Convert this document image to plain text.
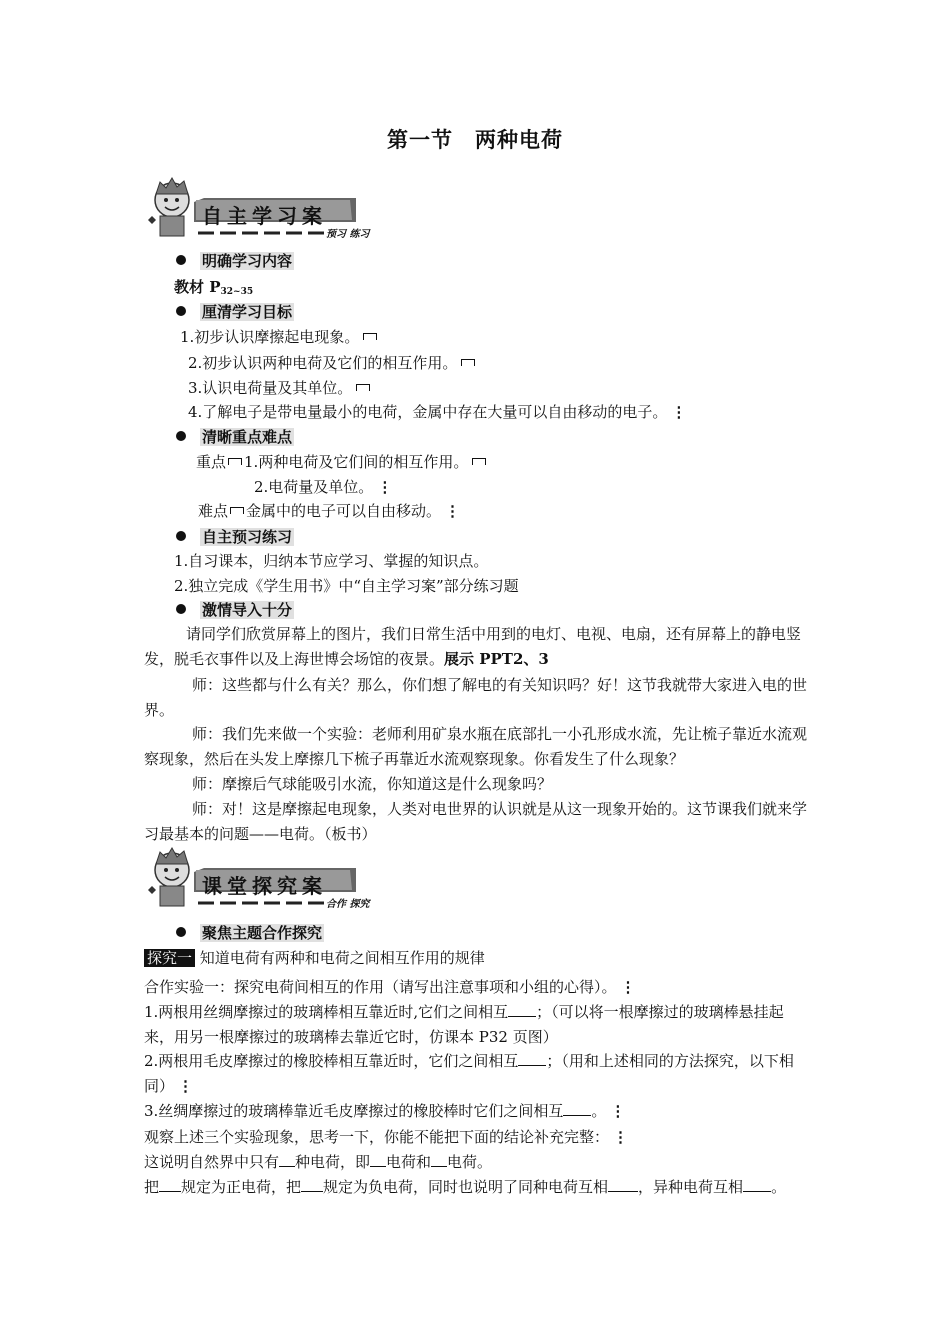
第一节　两种电荷
自主学习案
预习 练习
明确学习内容
教材 P32~35
厘清学习目标
1.初步认识摩擦起电现象。
2.初步认识两种电荷及它们的相互作用。
3.认识电荷量及其单位。
4.了解电子是带电量最小的电荷，金属中存在大量可以自由移动的电子。 ⋮
清晰重点难点
重点 1.两种电荷及它们间的相互作用。
2.电荷量及单位。 ⋮
难点 金属中的电子可以自由移动。 ⋮
自主预习练习
1.自习课本，归纳本节应学习、掌握的知识点。
2.独立完成《学生用书》中“自主学习案”部分练习题
激情导入十分
请同学们欣赏屏幕上的图片，我们日常生活中用到的电灯、电视、电扇，还有屏幕上的静电竖发，脱毛衣事件以及上海世博会场馆的夜景。展示 PPT2、3
师：这些都与什么有关？那么，你们想了解电的有关知识吗？好！这节我就带大家进入电的世界。
师：我们先来做一个实验：老师利用矿泉水瓶在底部扎一小孔形成水流，先让梳子靠近水流观察现象，然后在头发上摩擦几下梳子再靠近水流观察现象。你看发生了什么现象？
师：摩擦后气球能吸引水流，你知道这是什么现象吗？
师：对！这是摩擦起电现象，人类对电世界的认识就是从这一现象开始的。这节课我们就来学习最基本的问题——电荷。（板书）
课堂探究案
合作 探究
聚焦主题合作探究
探究一 知道电荷有两种和电荷之间相互作用的规律
合作实验一：探究电荷间相互的作用（请写出注意事项和小组的心得）。 ⋮
1.两根用丝绸摩擦过的玻璃棒相互靠近时,它们之间相互 ；（可以将一根摩擦过的玻璃棒悬挂起来，用另一根摩擦过的玻璃棒去靠近它时，仿课本 P32 页图）
2.两根用毛皮摩擦过的橡胶棒相互靠近时，它们之间相互 ；（用和上述相同的方法探究，以下相同） ⋮
3.丝绸摩擦过的玻璃棒靠近毛皮摩擦过的橡胶棒时它们之间相互 。 ⋮
观察上述三个实验现象，思考一下，你能不能把下面的结论补充完整： ⋮
这说明自然界中只有 种电荷，即 电荷和 电荷。
把 规定为正电荷，把 规定为负电荷，同时也说明了同种电荷互相 ，异种电荷互相 。
